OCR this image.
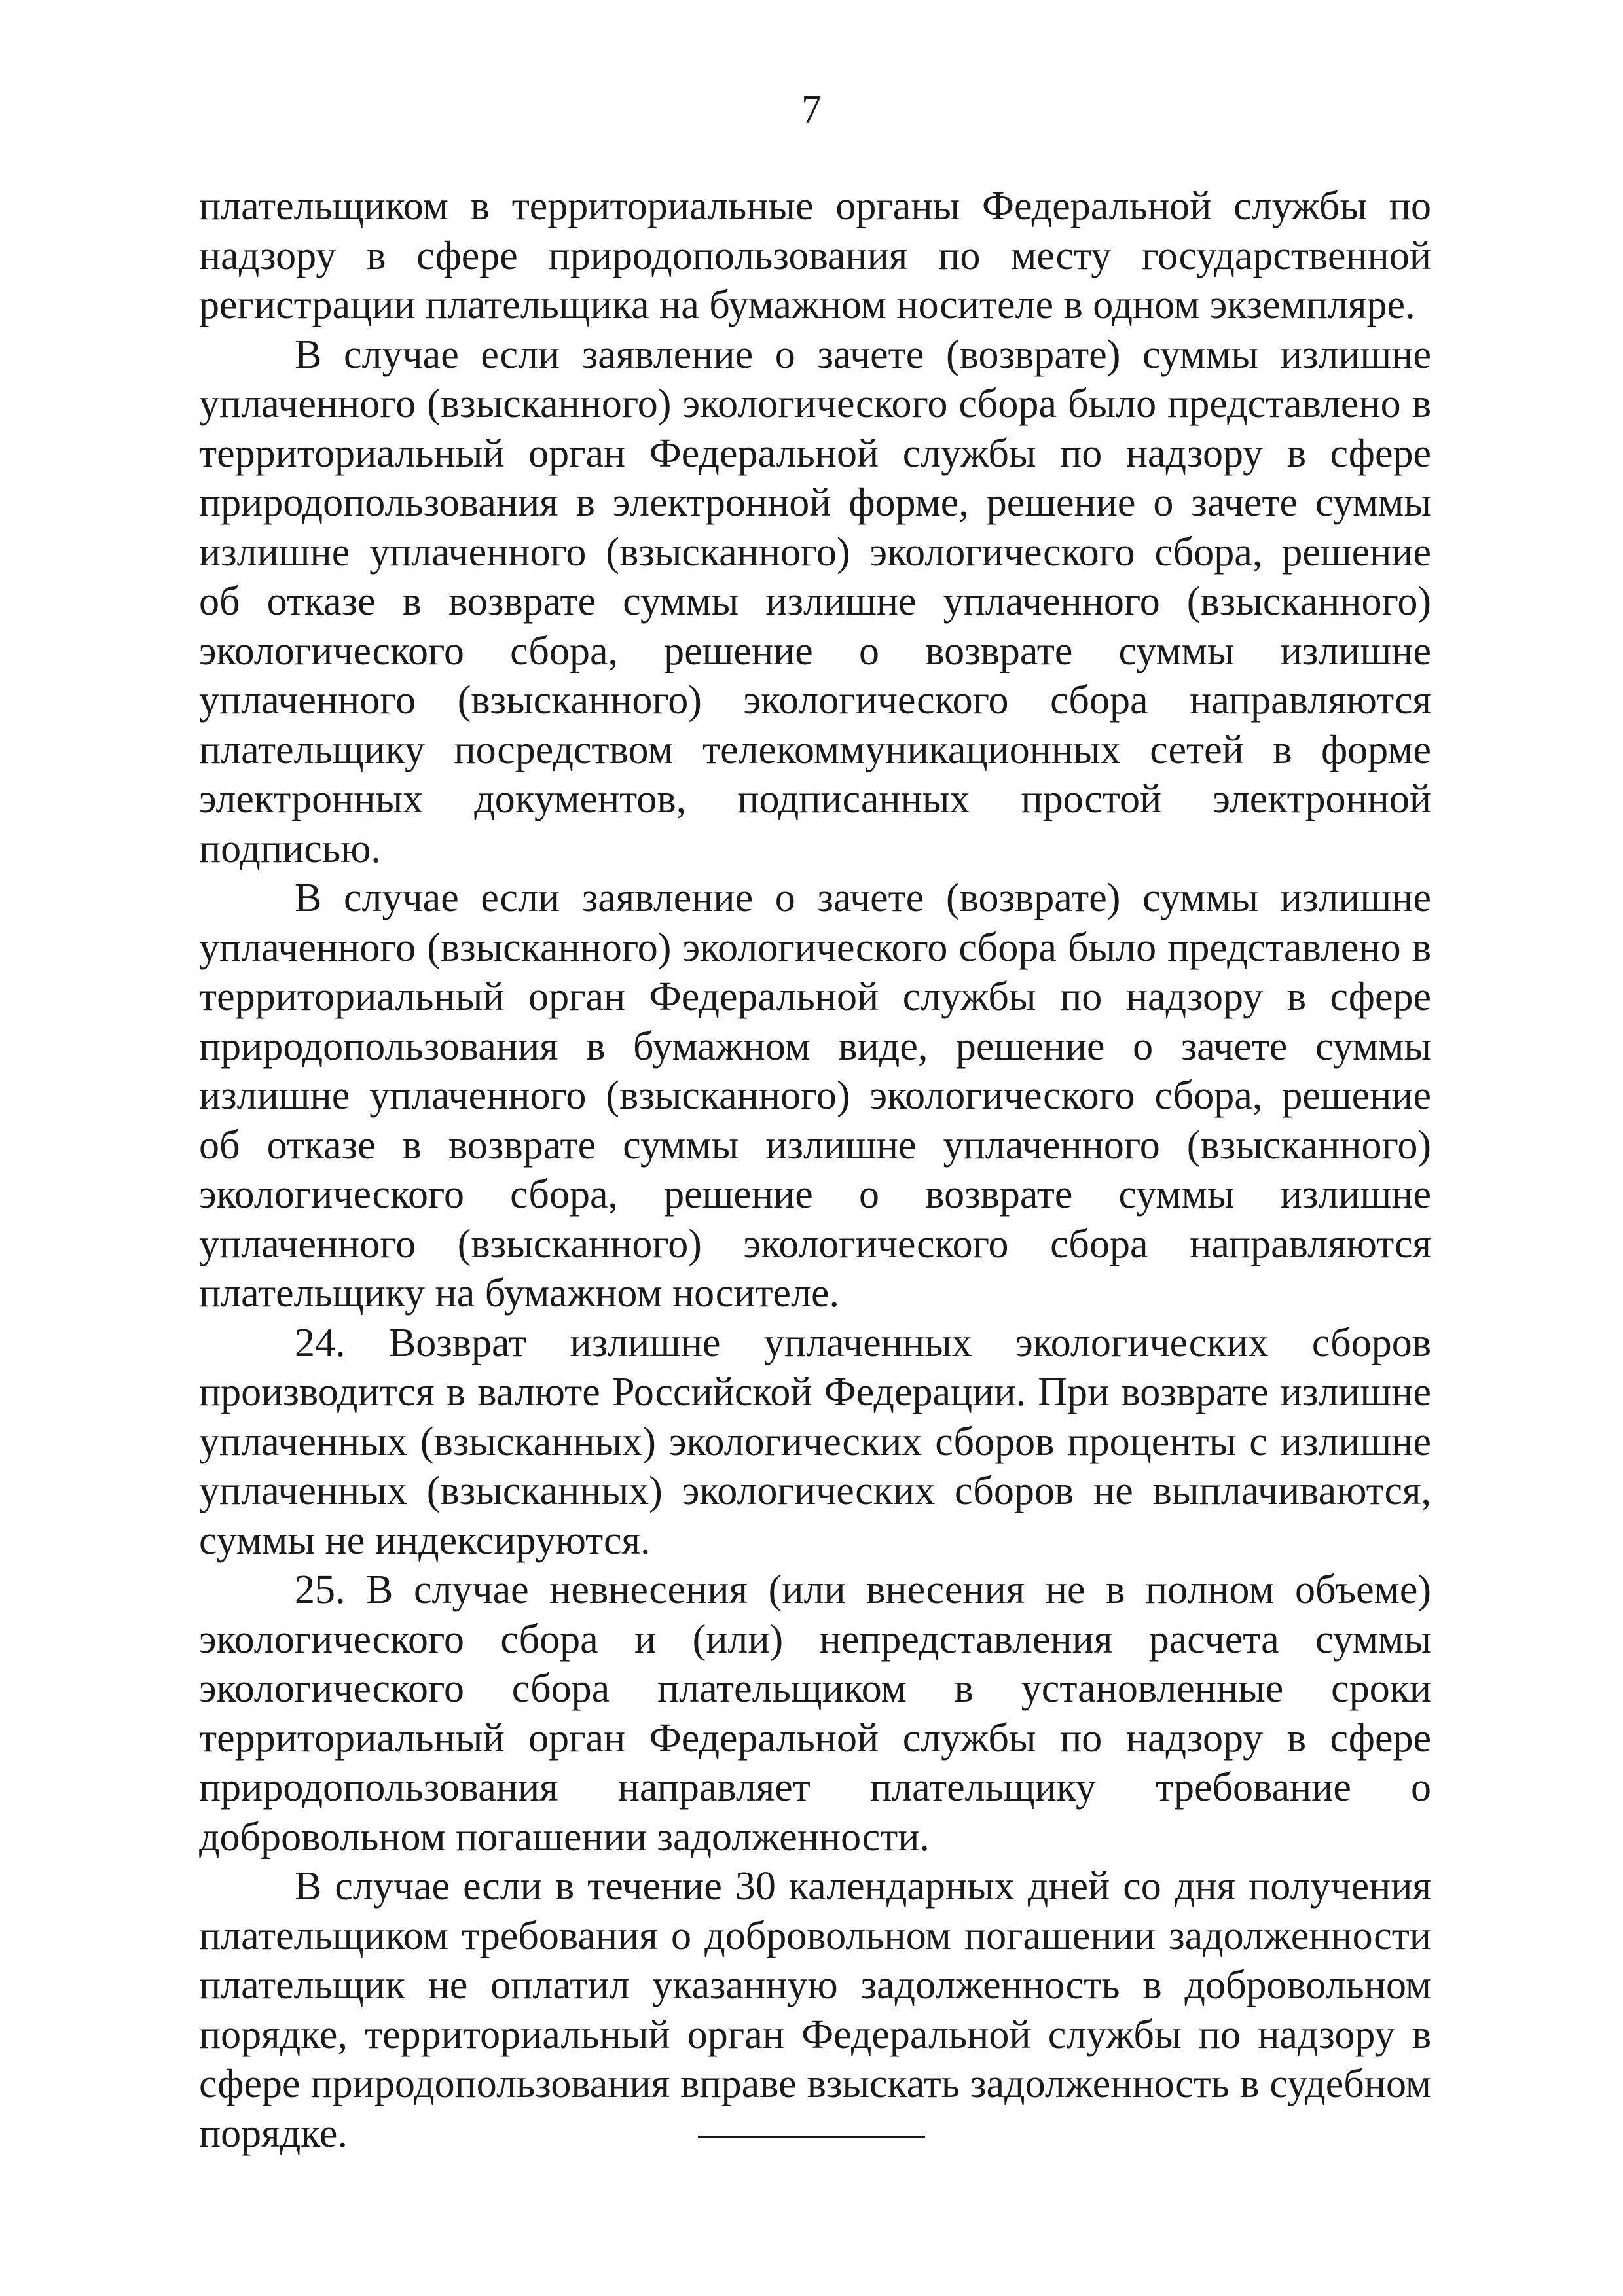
7

плательщиком в территориальные органы Федеральной службы по надзору в сфере природопользования по месту государственной регистрации плательщика на бумажном носителе в одном экземпляре.

В случае если заявление о зачете (возврате) суммы излишне уплаченного (взысканного) экологического сбора было представлено в территориальный орган Федеральной службы по надзору в сфере природопользования в электронной форме, решение о зачете суммы излишне уплаченного (взысканного) экологического сбора, решение об отказе в возврате суммы излишне уплаченного (взысканного) экологического сбора, решение о возврате суммы излишне уплаченного (взысканного) экологического сбора направляются плательщику посредством телекоммуникационных сетей в форме электронных документов, подписанных простой электронной подписью.

В случае если заявление о зачете (возврате) суммы излишне уплаченного (взысканного) экологического сбора было представлено в территориальный орган Федеральной службы по надзору в сфере природопользования в бумажном виде, решение о зачете суммы излишне уплаченного (взысканного) экологического сбора, решение об отказе в возврате суммы излишне уплаченного (взысканного) экологического сбора, решение о возврате суммы излишне уплаченного (взысканного) экологического сбора направляются плательщику на бумажном носителе.

24. Возврат излишне уплаченных экологических сборов производится в валюте Российской Федерации. При возврате излишне уплаченных (взысканных) экологических сборов проценты с излишне уплаченных (взысканных) экологических сборов не выплачиваются, суммы не индексируются.

25. В случае невнесения (или внесения не в полном объеме) экологического сбора и (или) непредставления расчета суммы экологического сбора плательщиком в установленные сроки территориальный орган Федеральной службы по надзору в сфере природопользования направляет плательщику требование о добровольном погашении задолженности.

В случае если в течение 30 календарных дней со дня получения плательщиком требования о добровольном погашении задолженности плательщик не оплатил указанную задолженность в добровольном порядке, территориальный орган Федеральной службы по надзору в сфере природопользования вправе взыскать задолженность в судебном порядке.
